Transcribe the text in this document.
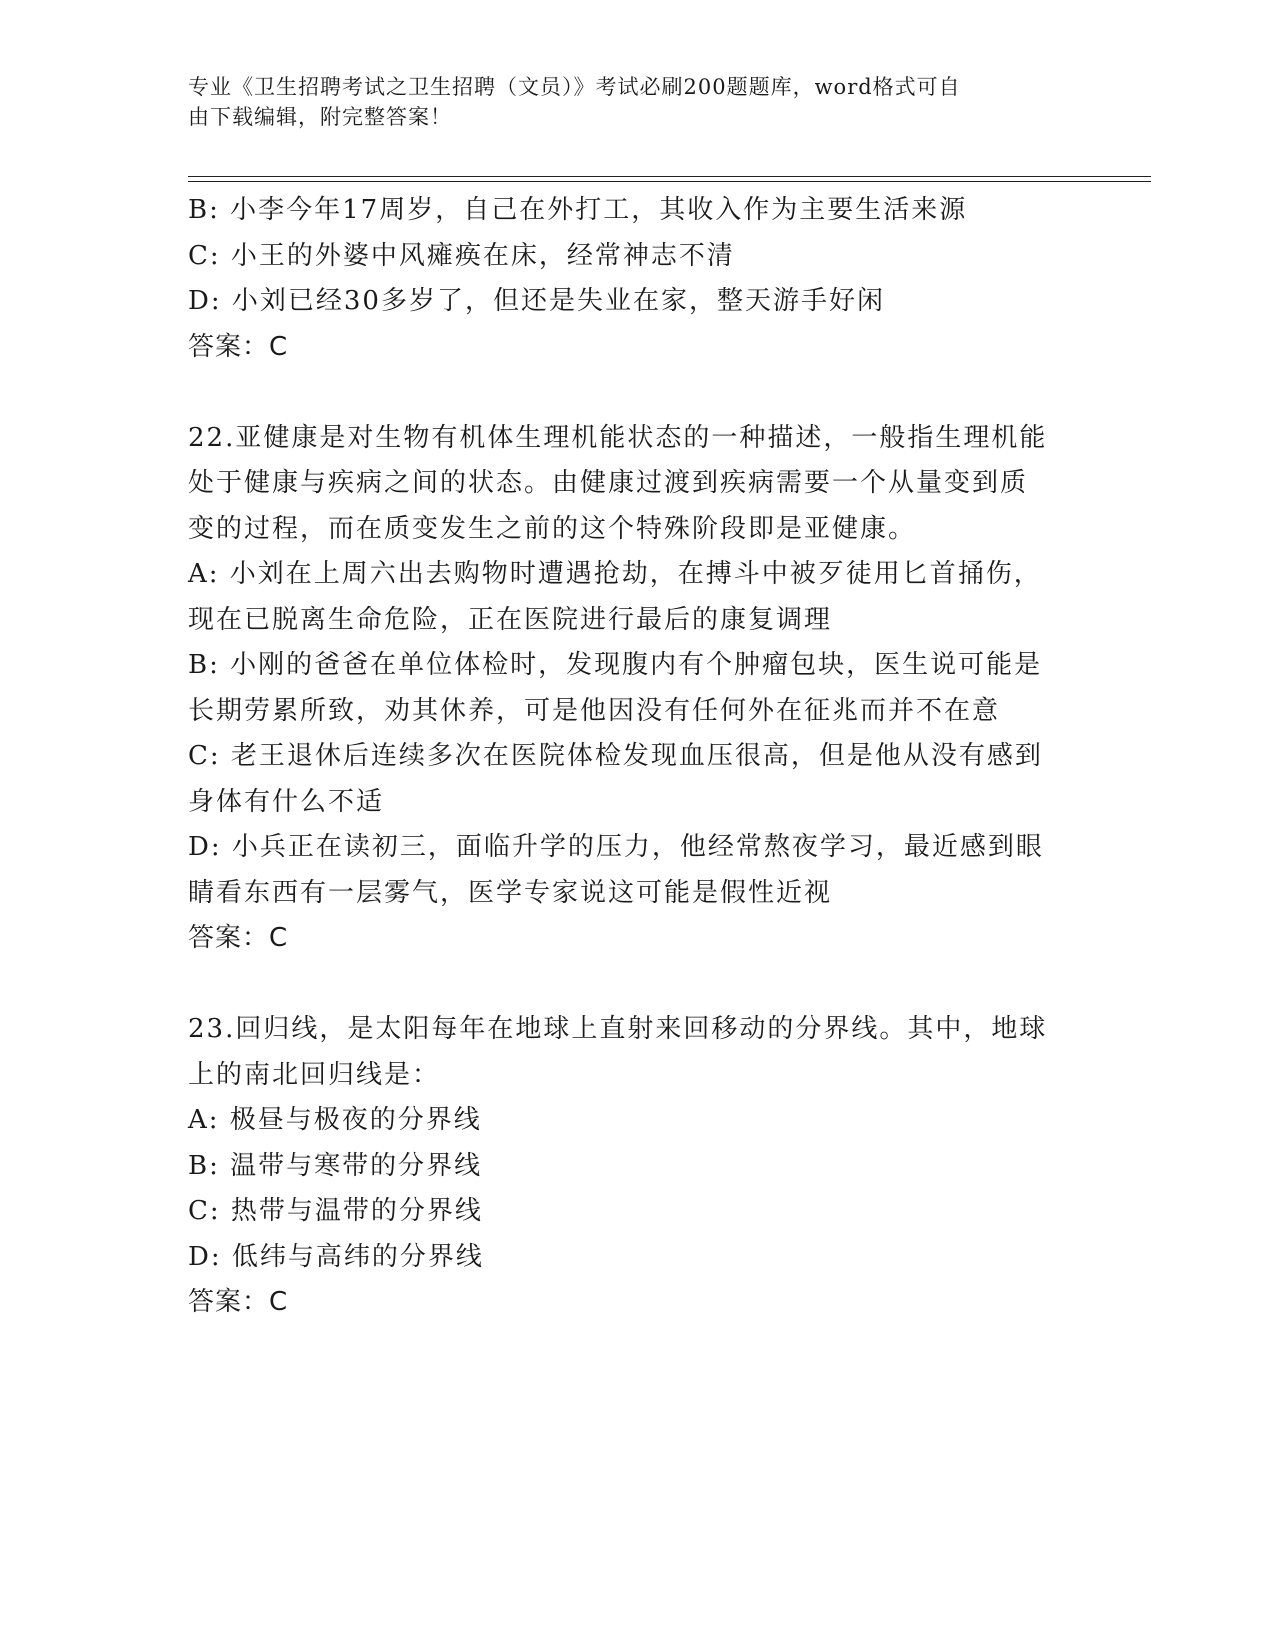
专业《卫生招聘考试之卫生招聘（文员）》考试必刷200题题库，word格式可自
由下载编辑，附完整答案！
B: 小李今年17周岁，自己在外打工，其收入作为主要生活来源
C: 小王的外婆中风瘫痪在床，经常神志不清
D: 小刘已经30多岁了，但还是失业在家，整天游手好闲
答案：C
22.亚健康是对生物有机体生理机能状态的一种描述，一般指生理机能
处于健康与疾病之间的状态。由健康过渡到疾病需要一个从量变到质
变的过程，而在质变发生之前的这个特殊阶段即是亚健康。
A: 小刘在上周六出去购物时遭遇抢劫，在搏斗中被歹徒用匕首捅伤，
现在已脱离生命危险，正在医院进行最后的康复调理
B: 小刚的爸爸在单位体检时，发现腹内有个肿瘤包块，医生说可能是
长期劳累所致，劝其休养，可是他因没有任何外在征兆而并不在意
C: 老王退休后连续多次在医院体检发现血压很高，但是他从没有感到
身体有什么不适
D: 小兵正在读初三，面临升学的压力，他经常熬夜学习，最近感到眼
睛看东西有一层雾气，医学专家说这可能是假性近视
答案：C
23.回归线，是太阳每年在地球上直射来回移动的分界线。其中，地球
上的南北回归线是：
A: 极昼与极夜的分界线
B: 温带与寒带的分界线
C: 热带与温带的分界线
D: 低纬与高纬的分界线
答案：C
